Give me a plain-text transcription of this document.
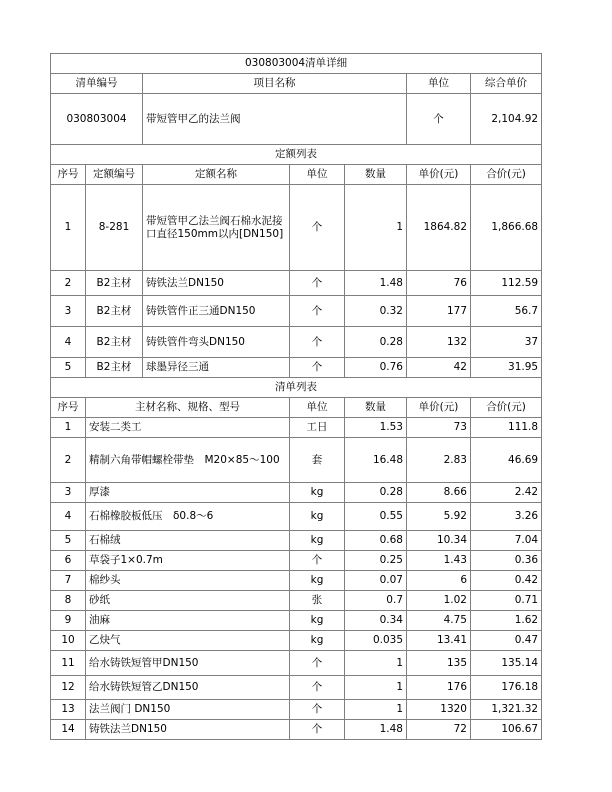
030803004清单详细						
清单编号		项目名称			单位	综合单价
030803004		带短管甲乙的法兰阀			个	2,104.92
定额列表						
序号	定额编号	定额名称	单位	数量	单价(元)	合价(元)
1	8-281	带短管甲乙法兰阀石棉水泥接口直径150mm以内[DN150]	个	1	1864.82	1,866.68
2	B2主材	铸铁法兰DN150	个	1.48	76	112.59
3	B2主材	铸铁管件正三通DN150	个	0.32	177	56.7
4	B2主材	铸铁管件弯头DN150	个	0.28	132	37
5	B2主材	球墨异径三通	个	0.76	42	31.95
清单列表						
序号	主材名称、规格、型号		单位	数量	单价(元)	合价(元)
1	安装二类工		工日	1.53	73	111.8
2	精制六角带帽螺栓带垫　M20×85～100		套	16.48	2.83	46.69
3	厚漆		kg	0.28	8.66	2.42
4	石棉橡胶板低压　δ0.8～6		kg	0.55	5.92	3.26
5	石棉绒		kg	0.68	10.34	7.04
6	草袋子1×0.7m		个	0.25	1.43	0.36
7	棉纱头		kg	0.07	6	0.42
8	砂纸		张	0.7	1.02	0.71
9	油麻		kg	0.34	4.75	1.62
10	乙炔气		kg	0.035	13.41	0.47
11	给水铸铁短管甲DN150		个	1	135	135.14
12	给水铸铁短管乙DN150		个	1	176	176.18
13	法兰阀门 DN150		个	1	1320	1,321.32
14	铸铁法兰DN150		个	1.48	72	106.67
